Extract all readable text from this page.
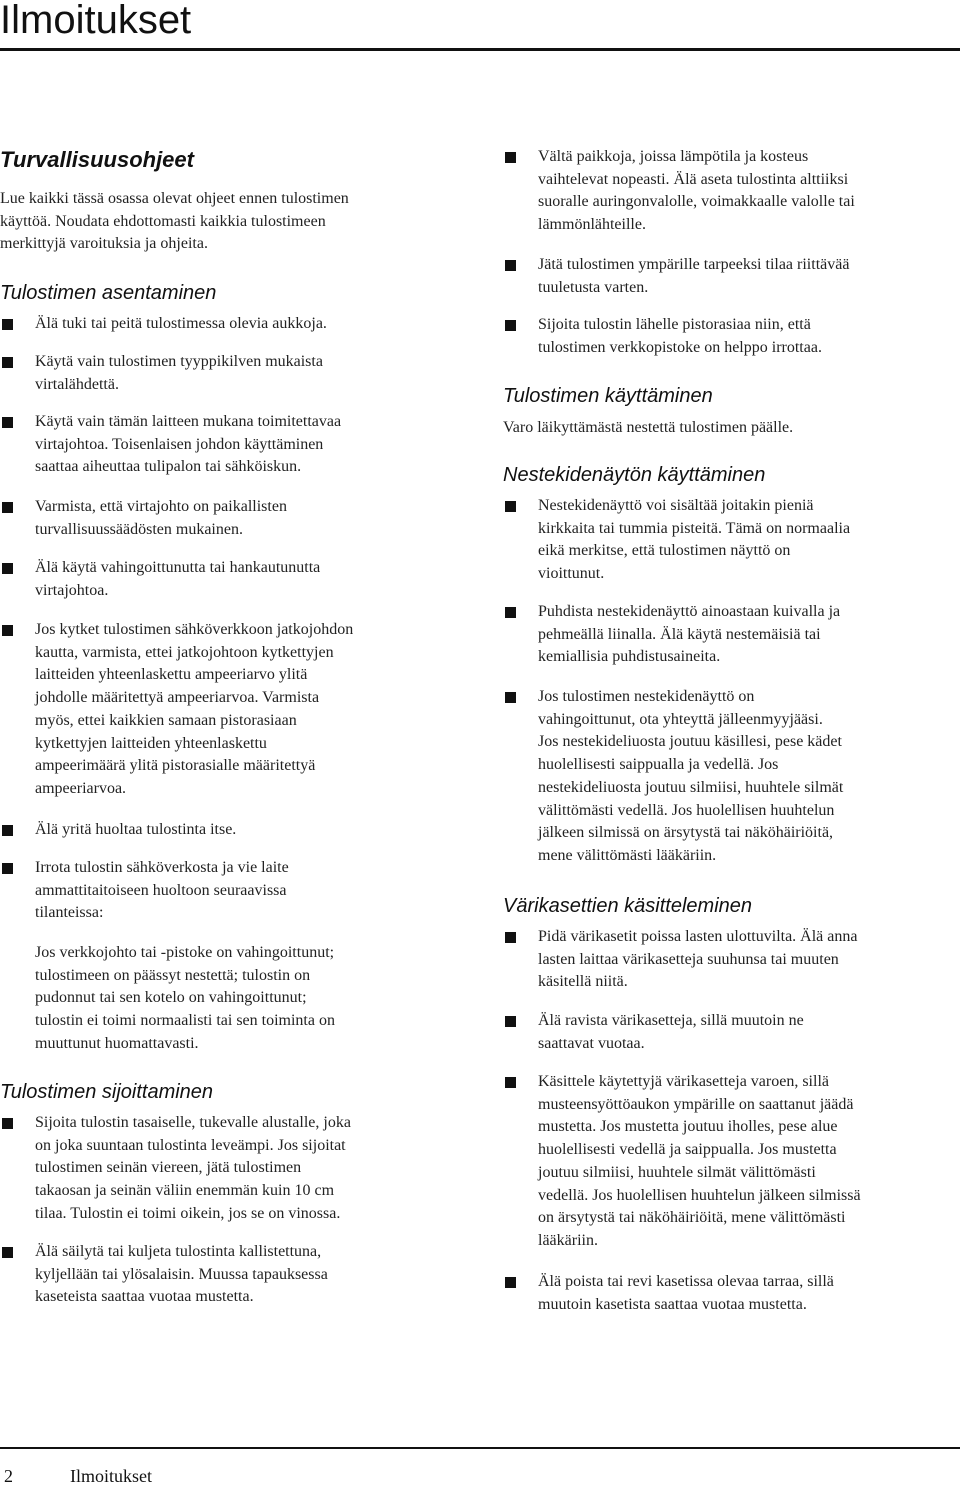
Ilmoitukset
Turvallisuusohjeet
Lue kaikki tässä osassa olevat ohjeet ennen tulostimen
käyttöä. Noudata ehdottomasti kaikkia tulostimeen
merkittyjä varoituksia ja ohjeita.
Tulostimen asentaminen
Älä tuki tai peitä tulostimessa olevia aukkoja.
Käytä vain tulostimen tyyppikilven mukaista
virtalähdettä.
Käytä vain tämän laitteen mukana toimitettavaa
virtajohtoa. Toisenlaisen johdon käyttäminen
saattaa aiheuttaa tulipalon tai sähköiskun.
Varmista, että virtajohto on paikallisten
turvallisuussäädösten mukainen.
Älä käytä vahingoittunutta tai hankautunutta
virtajohtoa.
Jos kytket tulostimen sähköverkkoon jatkojohdon
kautta, varmista, ettei jatkojohtoon kytkettyjen
laitteiden yhteenlaskettu ampeeriarvo ylitä
johdolle määritettyä ampeeriarvoa. Varmista
myös, ettei kaikkien samaan pistorasiaan
kytkettyjen laitteiden yhteenlaskettu
ampeerimäärä ylitä pistorasialle määritettyä
ampeeriarvoa.
Älä yritä huoltaa tulostinta itse.
Irrota tulostin sähköverkosta ja vie laite
ammattitaitoiseen huoltoon seuraavissa
tilanteissa:
Jos verkkojohto tai -pistoke on vahingoittunut;
tulostimeen on päässyt nestettä; tulostin on
pudonnut tai sen kotelo on vahingoittunut;
tulostin ei toimi normaalisti tai sen toiminta on
muuttunut huomattavasti.
Tulostimen sijoittaminen
Sijoita tulostin tasaiselle, tukevalle alustalle, joka
on joka suuntaan tulostinta leveämpi. Jos sijoitat
tulostimen seinän viereen, jätä tulostimen
takaosan ja seinän väliin enemmän kuin 10 cm
tilaa. Tulostin ei toimi oikein, jos se on vinossa.
Älä säilytä tai kuljeta tulostinta kallistettuna,
kyljellään tai ylösalaisin. Muussa tapauksessa
kaseteista saattaa vuotaa mustetta.
Vältä paikkoja, joissa lämpötila ja kosteus
vaihtelevat nopeasti. Älä aseta tulostinta alttiiksi
suoralle auringonvalolle, voimakkaalle valolle tai
lämmönlähteille.
Jätä tulostimen ympärille tarpeeksi tilaa riittävää
tuuletusta varten.
Sijoita tulostin lähelle pistorasiaa niin, että
tulostimen verkkopistoke on helppo irrottaa.
Tulostimen käyttäminen
Varo läikyttämästä nestettä tulostimen päälle.
Nestekidenäytön käyttäminen
Nestekidenäyttö voi sisältää joitakin pieniä
kirkkaita tai tummia pisteitä. Tämä on normaalia
eikä merkitse, että tulostimen näyttö on
vioittunut.
Puhdista nestekidenäyttö ainoastaan kuivalla ja
pehmeällä liinalla. Älä käytä nestemäisiä tai
kemiallisia puhdistusaineita.
Jos tulostimen nestekidenäyttö on
vahingoittunut, ota yhteyttä jälleenmyyjääsi.
Jos nestekideliuosta joutuu käsillesi, pese kädet
huolellisesti saippualla ja vedellä. Jos
nestekideliuosta joutuu silmiisi, huuhtele silmät
välittömästi vedellä. Jos huolellisen huuhtelun
jälkeen silmissä on ärsytystä tai näköhäiriöitä,
mene välittömästi lääkäriin.
Värikasettien käsitteleminen
Pidä värikasetit poissa lasten ulottuvilta. Älä anna
lasten laittaa värikasetteja suuhunsa tai muuten
käsitellä niitä.
Älä ravista värikasetteja, sillä muutoin ne
saattavat vuotaa.
Käsittele käytettyjä värikasetteja varoen, sillä
musteensyöttöaukon ympärille on saattanut jäädä
mustetta. Jos mustetta joutuu iholles, pese alue
huolellisesti vedellä ja saippualla. Jos mustetta
joutuu silmiisi, huuhtele silmät välittömästi
vedellä. Jos huolellisen huuhtelun jälkeen silmissä
on ärsytystä tai näköhäiriöitä, mene välittömästi
lääkäriin.
Älä poista tai revi kasetissa olevaa tarraa, sillä
muutoin kasetista saattaa vuotaa mustetta.
2	Ilmoitukset
